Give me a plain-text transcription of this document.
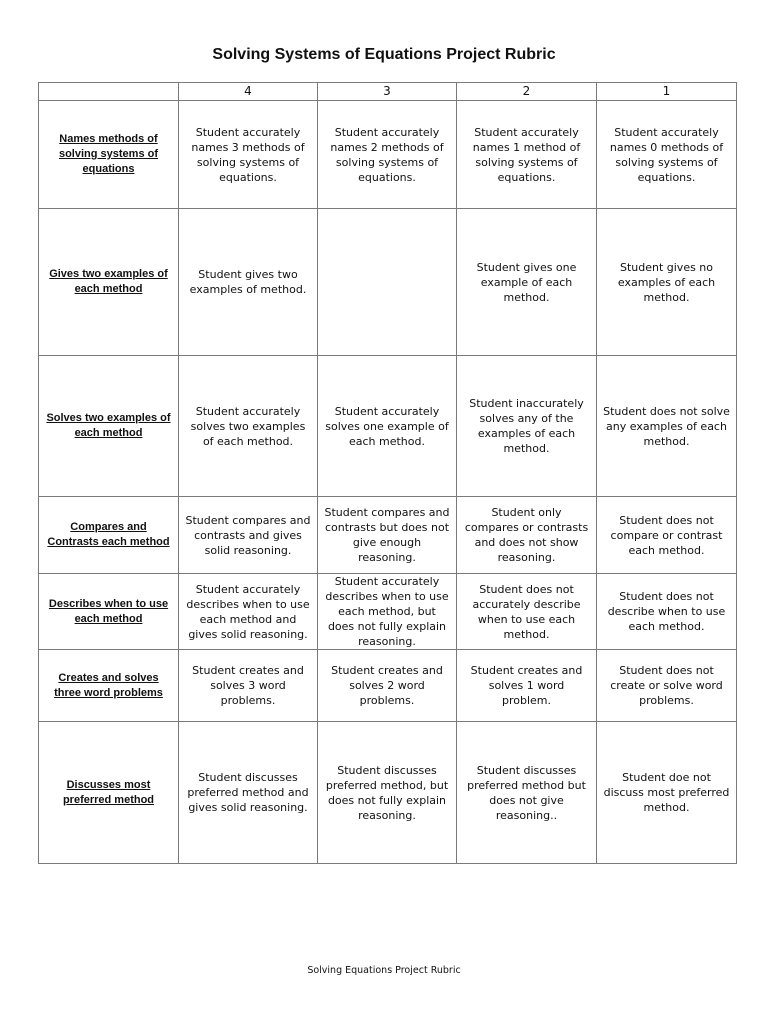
Solving Systems of Equations Project Rubric
	4	3	2	1
Names methods of solving systems of equations	Student accurately names 3 methods of solving systems of equations.	Student accurately names 2 methods of solving systems of equations.	Student accurately names 1 method of solving systems of equations.	Student accurately names 0 methods of solving systems of equations.
Gives two examples of each method	Student gives two examples of method.		Student gives one example of each method.	Student gives no examples of each method.
Solves two examples of each method	Student accurately solves two examples of each method.	Student accurately solves one example of each method.	Student inaccurately solves any of the examples of each method.	Student does not solve any examples of each method.
Compares and Contrasts each method	Student compares and contrasts and gives solid reasoning.	Student compares and contrasts but does not give enough reasoning.	Student only compares or contrasts and does not show reasoning.	Student does not compare or contrast each method.
Describes when to use each method	Student accurately describes when to use each method and gives solid reasoning.	Student accurately describes when to use each method, but does not fully explain reasoning.	Student does not accurately describe when to use each method.	Student does not describe when to use each method.
Creates and solves three word problems	Student creates and solves 3 word problems.	Student creates and solves 2 word problems.	Student creates and solves 1 word problem.	Student does not create or solve word problems.
Discusses most preferred method	Student discusses preferred method and gives solid reasoning.	Student discusses preferred method, but does not fully explain reasoning.	Student discusses preferred method but does not give reasoning..	Student doe not discuss most preferred method.
Solving Equations Project Rubric
